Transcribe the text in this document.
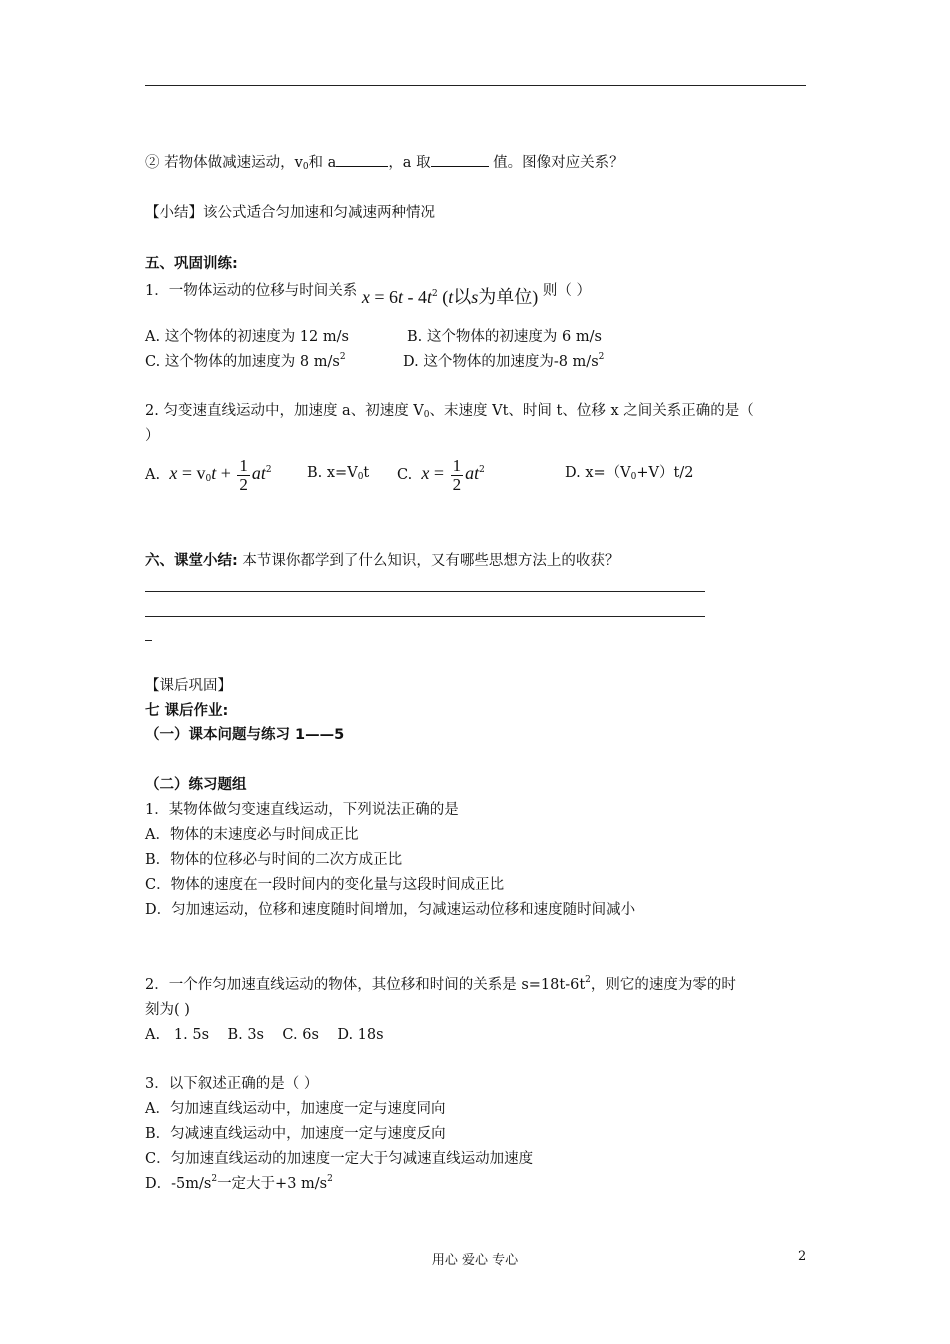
② 若物体做减速运动，$v_0$和 a	，a 取	值。图像对应关系？
【小结】该公式适合匀加速和匀减速两种情况
五、巩固训练:
1．一物体运动的位移与时间关系 $x = 6t - 4t^2$ (t以s为单位) 则（ ）
A. 这个物体的初速度为 12 m/s	B. 这个物体的初速度为 6 m/s
C. 这个物体的加速度为 8 $m/s^2$	D. 这个物体的加速度为-8 $m/s^2$
2. 匀变速直线运动中，加速度 a、初速度 $V_0$、末速度 Vt、时间 t、位移 x 之间关系正确的是（
）
A. $x = v_0t + \frac{1}{2} at^2$ B. $x=V_0t$ C. $x = \frac{1}{2} at^2$	D. $x=(V_0+V)t/2$
六、课堂小结: 本节课你都学到了什么知识，又有哪些思想方法上的收获？
【课后巩固】
七 课后作业:
（一）课本问题与练习 1——5
（二）练习题组
1．某物体做匀变速直线运动，下列说法正确的是
A．物体的末速度必与时间成正比
B．物体的位移必与时间的二次方成正比
C．物体的速度在一段时间内的变化量与这段时间成正比
D．匀加速运动，位移和速度随时间增加，匀减速运动位移和速度随时间减小
2．一个作匀加速直线运动的物体，其位移和时间的关系是 $s=18t-6t^2$，则它的速度为零的时
刻为( )
A.   1. 5s    B. 3s    C. 6s    D. 18s
3．以下叙述正确的是（ ）
A．匀加速直线运动中，加速度一定与速度同向
B．匀减速直线运动中，加速度一定与速度反向
C．匀加速直线运动的加速度一定大于匀减速直线运动加速度
D．$-5m/s^2$一定大于+3 $m/s^2$
用心 爱心 专心	2
